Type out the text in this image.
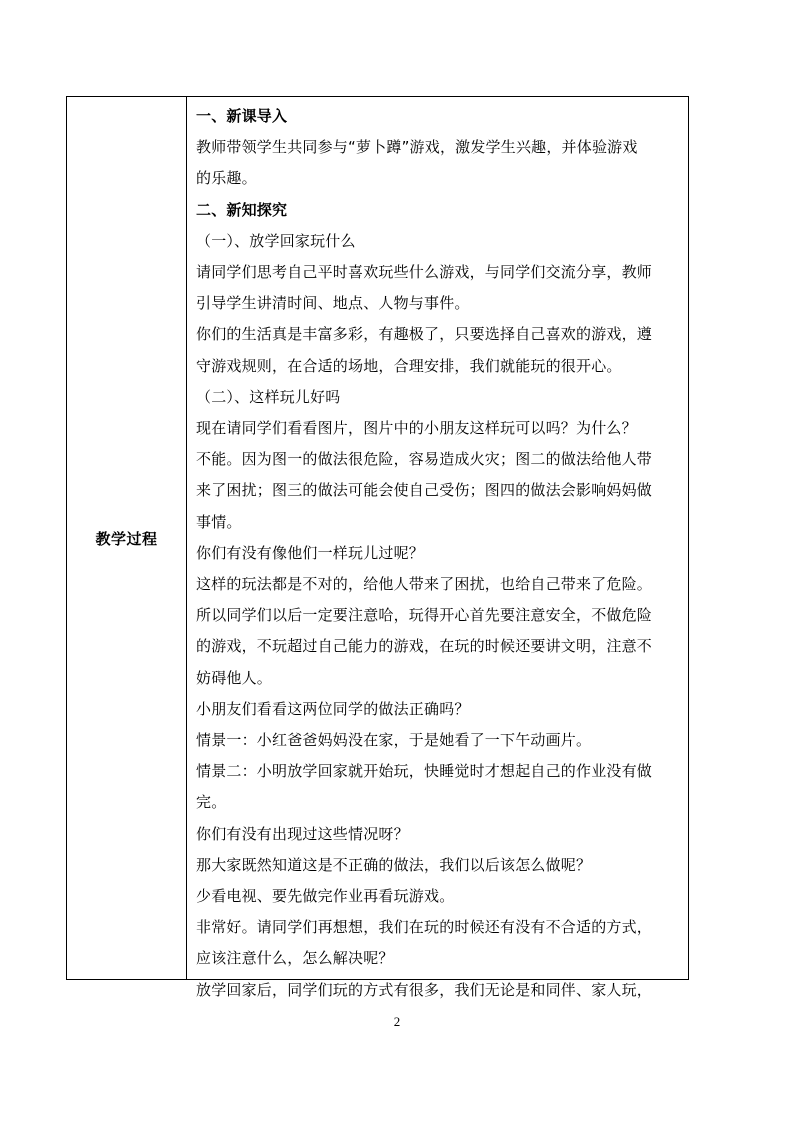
教学过程
一、新课导入
教师带领学生共同参与“萝卜蹲”游戏，激发学生兴趣，并体验游戏
的乐趣。
二、新知探究
（一）、放学回家玩什么
请同学们思考自己平时喜欢玩些什么游戏，与同学们交流分享，教师
引导学生讲清时间、地点、人物与事件。
你们的生活真是丰富多彩，有趣极了，只要选择自己喜欢的游戏，遵
守游戏规则，在合适的场地，合理安排，我们就能玩的很开心。
（二）、这样玩儿好吗
现在请同学们看看图片，图片中的小朋友这样玩可以吗？为什么？
不能。因为图一的做法很危险，容易造成火灾；图二的做法给他人带
来了困扰；图三的做法可能会使自己受伤；图四的做法会影响妈妈做
事情。
你们有没有像他们一样玩儿过呢？
这样的玩法都是不对的，给他人带来了困扰，也给自己带来了危险。
所以同学们以后一定要注意哈，玩得开心首先要注意安全，不做危险
的游戏，不玩超过自己能力的游戏，在玩的时候还要讲文明，注意不
妨碍他人。
小朋友们看看这两位同学的做法正确吗？
情景一：小红爸爸妈妈没在家，于是她看了一下午动画片。
情景二：小明放学回家就开始玩，快睡觉时才想起自己的作业没有做
完。
你们有没有出现过这些情况呀？
那大家既然知道这是不正确的做法，我们以后该怎么做呢？
少看电视、要先做完作业再看玩游戏。
非常好。请同学们再想想，我们在玩的时候还有没有不合适的方式，
应该注意什么，怎么解决呢？
放学回家后，同学们玩的方式有很多，我们无论是和同伴、家人玩，
2
